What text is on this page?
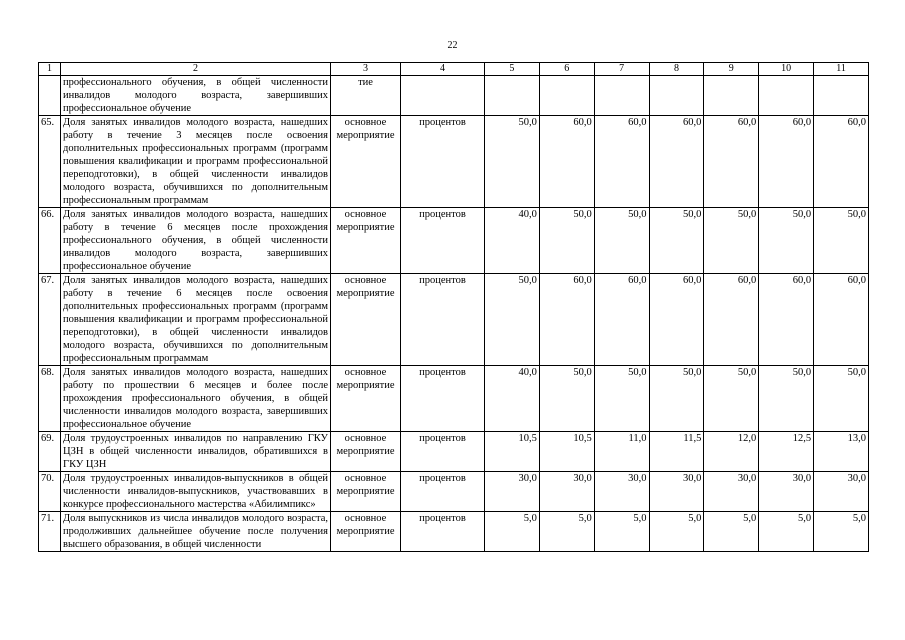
22
1	2	3	4	5	6	7	8	9	10	11
	профессионального обучения, в общей численности инвалидов молодого возраста, завершивших профессиональное обучение	тие								
65.	Доля занятых инвалидов молодого возраста, нашедших работу в течение 3 месяцев после освоения дополнительных профессиональных программ (программ повышения квалификации и программ профессиональной переподготовки), в общей численности инвалидов молодого возраста, обучившихся по дополнительным профессиональным программам	основное мероприятие	процентов	50,0	60,0	60,0	60,0	60,0	60,0	60,0
66.	Доля занятых инвалидов молодого возраста, нашедших работу в течение 6 месяцев после прохождения профессионального обучения, в общей численности инвалидов молодого возраста, завершивших профессиональное обучение	основное мероприятие	процентов	40,0	50,0	50,0	50,0	50,0	50,0	50,0
67.	Доля занятых инвалидов молодого возраста, нашедших работу в течение 6 месяцев после освоения дополнительных профессиональных программ (программ повышения квалификации и программ профессиональной переподготовки), в общей численности инвалидов молодого возраста, обучившихся по дополнительным профессиональным программам	основное мероприятие	процентов	50,0	60,0	60,0	60,0	60,0	60,0	60,0
68.	Доля занятых инвалидов молодого возраста, нашедших работу по прошествии 6 месяцев и более после прохождения профессионального обучения, в общей численности инвалидов молодого возраста, завершивших профессиональное обучение	основное мероприятие	процентов	40,0	50,0	50,0	50,0	50,0	50,0	50,0
69.	Доля трудоустроенных инвалидов по направлению ГКУ ЦЗН в общей численности инвалидов, обратившихся в ГКУ ЦЗН	основное мероприятие	процентов	10,5	10,5	11,0	11,5	12,0	12,5	13,0
70.	Доля трудоустроенных инвалидов-выпускников в общей численности инвалидов-выпускников, участвовавших в конкурсе профессионального мастерства «Абилимпикс»	основное мероприятие	процентов	30,0	30,0	30,0	30,0	30,0	30,0	30,0
71.	Доля выпускников из числа инвалидов молодого возраста, продолживших дальнейшее обучение после получения высшего образования, в общей численности	основное мероприятие	процентов	5,0	5,0	5,0	5,0	5,0	5,0	5,0
